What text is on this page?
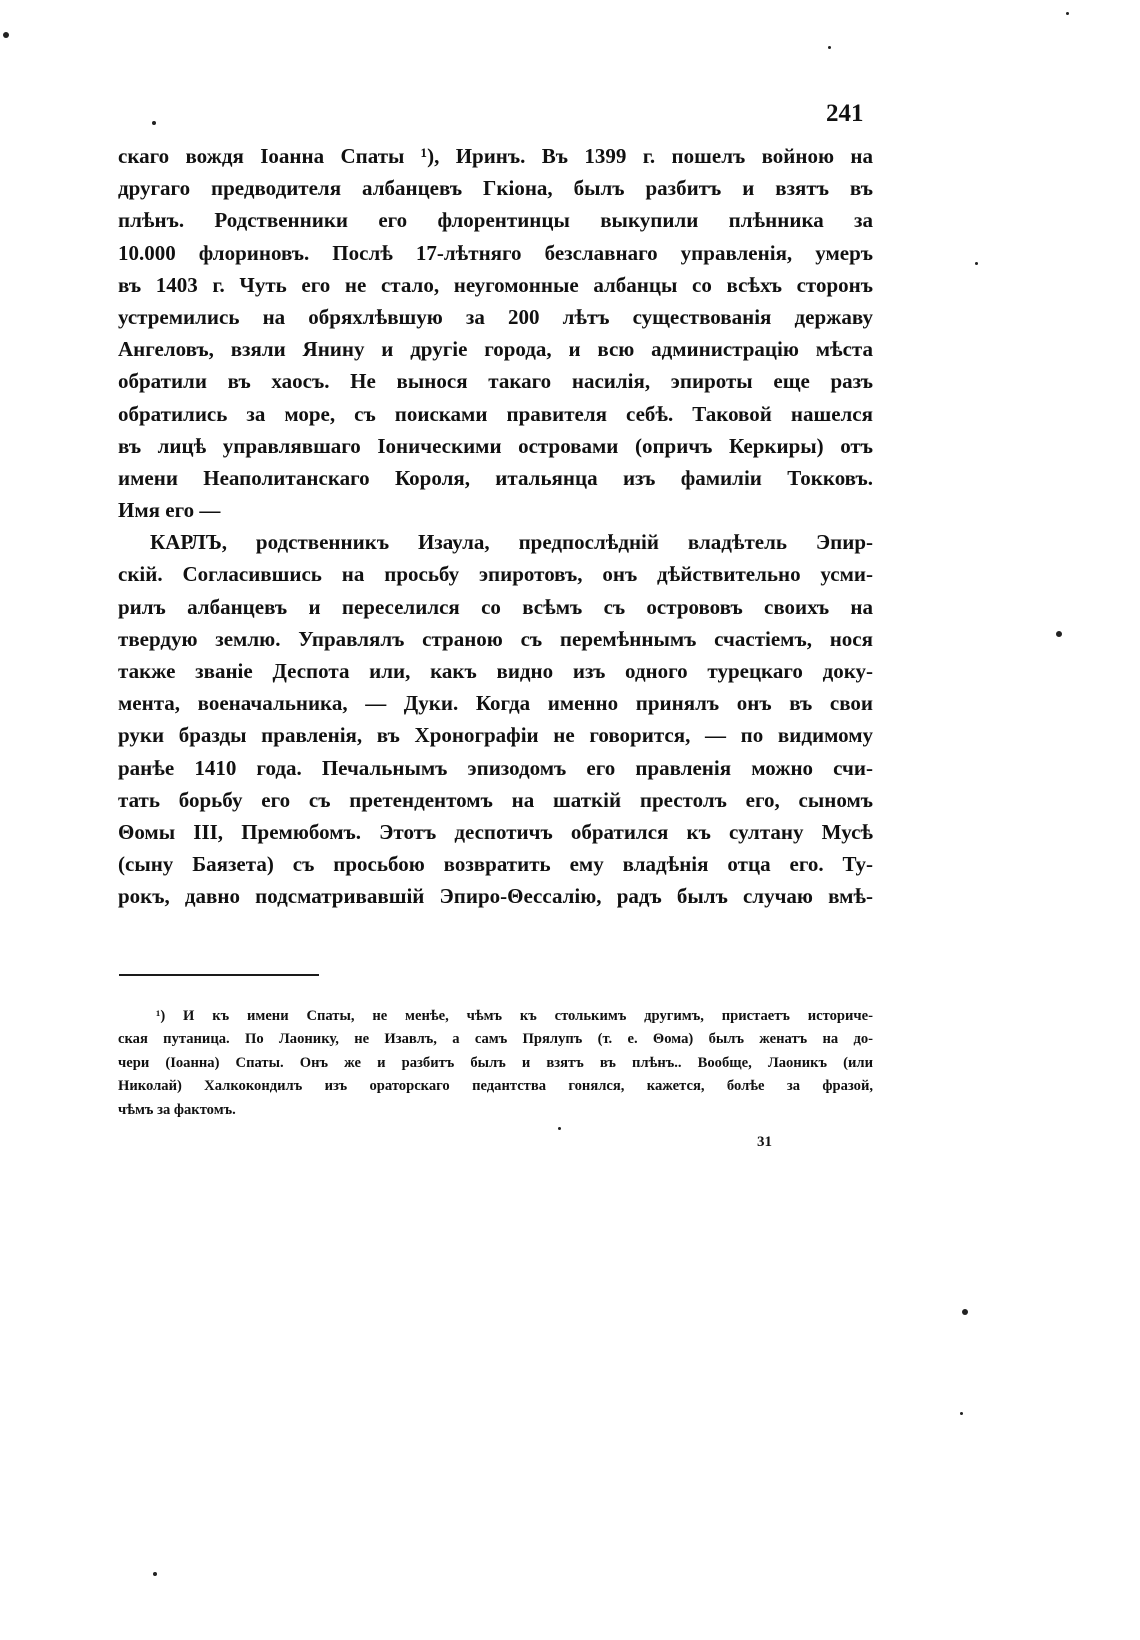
241
скаго вождя Іоанна Спаты ¹), Иринъ. Въ 1399 г. пошелъ войною на
другаго предводителя албанцевъ Гкіона, былъ разбитъ и взятъ въ
плѣнъ. Родственники его флорентинцы выкупили плѣнника за
10.000 флориновъ. Послѣ 17-лѣтняго безславнаго управленія, умеръ
въ 1403 г. Чуть его не стало, неугомонные албанцы со всѣхъ сторонъ
устремились на обряхлѣвшую за 200 лѣтъ существованія державу
Ангеловъ, взяли Янину и другіе города, и всю администрацію мѣста
обратили въ хаосъ. Не вынося такаго насилія, эпироты еще разъ
обратились за море, съ поисками правителя себѣ. Таковой нашелся
въ лицѣ управлявшаго Іоническими островами (опричъ Керкиры) отъ
имени Неаполитанскаго Короля, итальянца изъ фамиліи Токковъ.
Имя его —
КАРЛЪ, родственникъ Изаула, предпослѣдній владѣтель Эпир-
скій. Согласившись на просьбу эпиротовъ, онъ дѣйствительно усми-
рилъ албанцевъ и переселился со всѣмъ съ острововъ своихъ на
твердую землю. Управлялъ страною съ перемѣннымъ счастіемъ, нося
также званіе Деспота или, какъ видно изъ одного турецкаго доку-
мента, военачальника, — Дуки. Когда именно принялъ онъ въ свои
руки бразды правленія, въ Хронографіи не говорится, — по видимому
ранѣе 1410 года. Печальнымъ эпизодомъ его правленія можно счи-
тать борьбу его съ претендентомъ на шаткій престолъ его, сыномъ
Θомы III, Премюбомъ. Этотъ деспотичъ обратился къ султану Мусѣ
(сыну Баязета) съ просьбою возвратить ему владѣнія отца его. Ту-
рокъ, давно подсматривавшій Эпиро-Θессалію, радъ былъ случаю вмѣ-
¹) И къ имени Спаты, не менѣе, чѣмъ къ столькимъ другимъ, пристаетъ историче-
ская путаница. По Лаонику, не Изавлъ, а самъ Прялупъ (т. е. Θома) былъ женатъ на до-
чери (Іоанна) Спаты. Онъ же и разбитъ былъ и взятъ въ плѣнъ.. Вообще, Лаоникъ (или
Николай) Халкокондилъ изъ ораторскаго педантства гонялся, кажется, болѣе за фразой,
чѣмъ за фактомъ.
31
